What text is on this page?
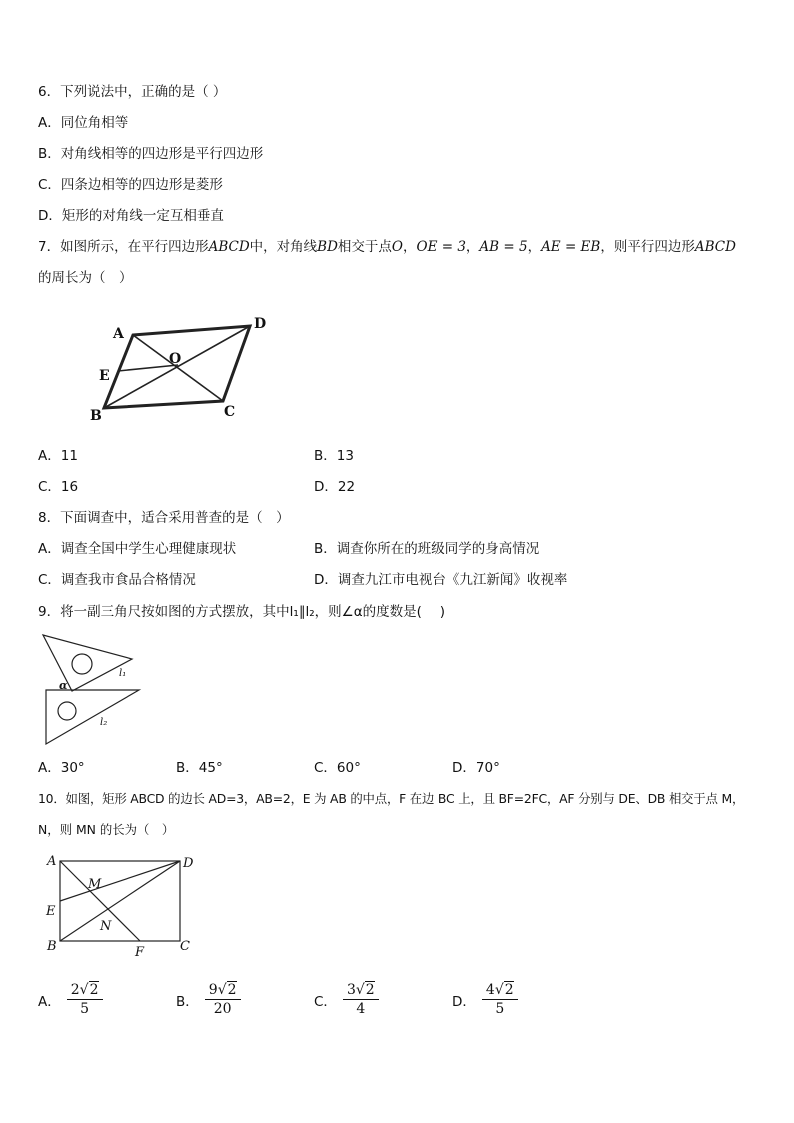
6．下列说法中，正确的是（ ）
A．同位角相等
B．对角线相等的四边形是平行四边形
C．四条边相等的四边形是菱形
D．矩形的对角线一定互相垂直
7．如图所示，在平行四边形ABCD中，对角线BD相交于点O，OE = 3，AB = 5，AE = EB，则平行四边形ABCD
的周长为（　）
A
D
O
E
B	C
A．11	B．13
C．16	D．22
8．下面调查中，适合采用普查的是（　）
A．调查全国中学生心理健康现状	B．调查你所在的班级同学的身高情况
C．调查我市食品合格情况	D．调查九江市电视台《九江新闻》收视率
9．将一副三角尺按如图的方式摆放，其中l₁∥l₂，则∠α的度数是(　 )
α
l₁
l₂
A．30°	B．45°	C．60°	D．70°
10．如图，矩形 ABCD 的边长 AD=3，AB=2，E 为 AB 的中点，F 在边 BC 上，且 BF=2FC，AF 分别与 DE、DB 相交于点 M，
N，则 MN 的长为（　）
A	D
M
E
N
B	F	C
A． $\frac{2√2}{5}$	B． $\frac{9√2}{20}$	C． $\frac{3√2}{4}$	D． $\frac{4√2}{5}$
